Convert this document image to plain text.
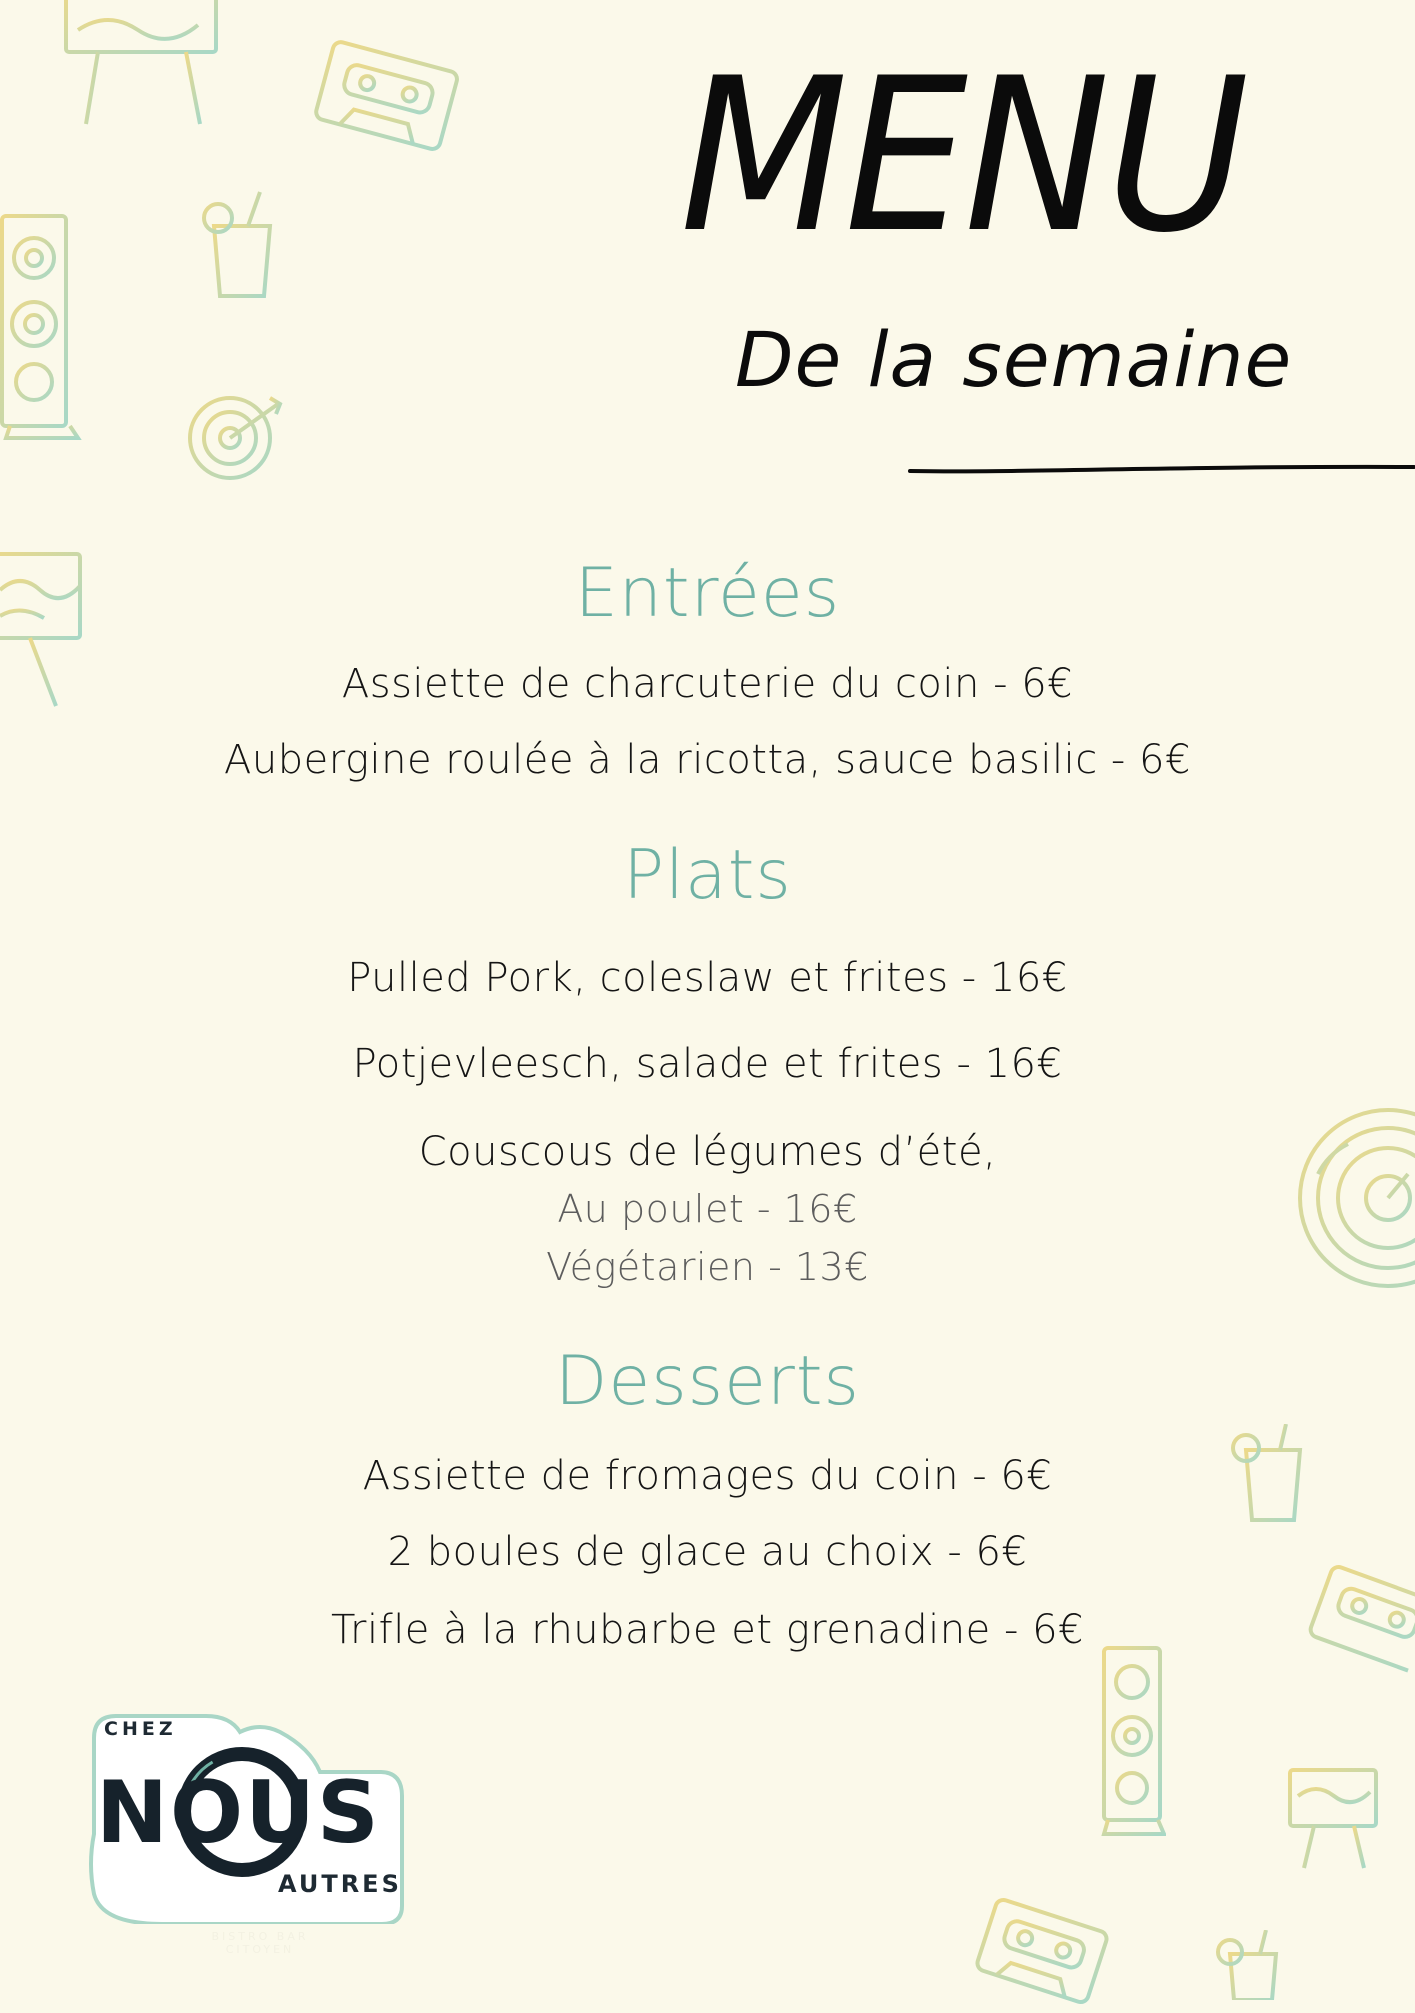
MENU
De la semaine
Entrées
Assiette de charcuterie du coin - 6€
Aubergine roulée à la ricotta, sauce basilic - 6€
Plats
Pulled Pork, coleslaw et frites - 16€
Potjevleesch, salade et frites - 16€
Couscous de légumes d’été,
Au poulet - 16€
Végétarien - 13€
Desserts
Assiette de fromages du coin - 6€
2 boules de glace au choix - 6€
Trifle à la rhubarbe et grenadine - 6€
CHEZ
NOUS
AUTRES
BISTRO BAR CITOYEN
